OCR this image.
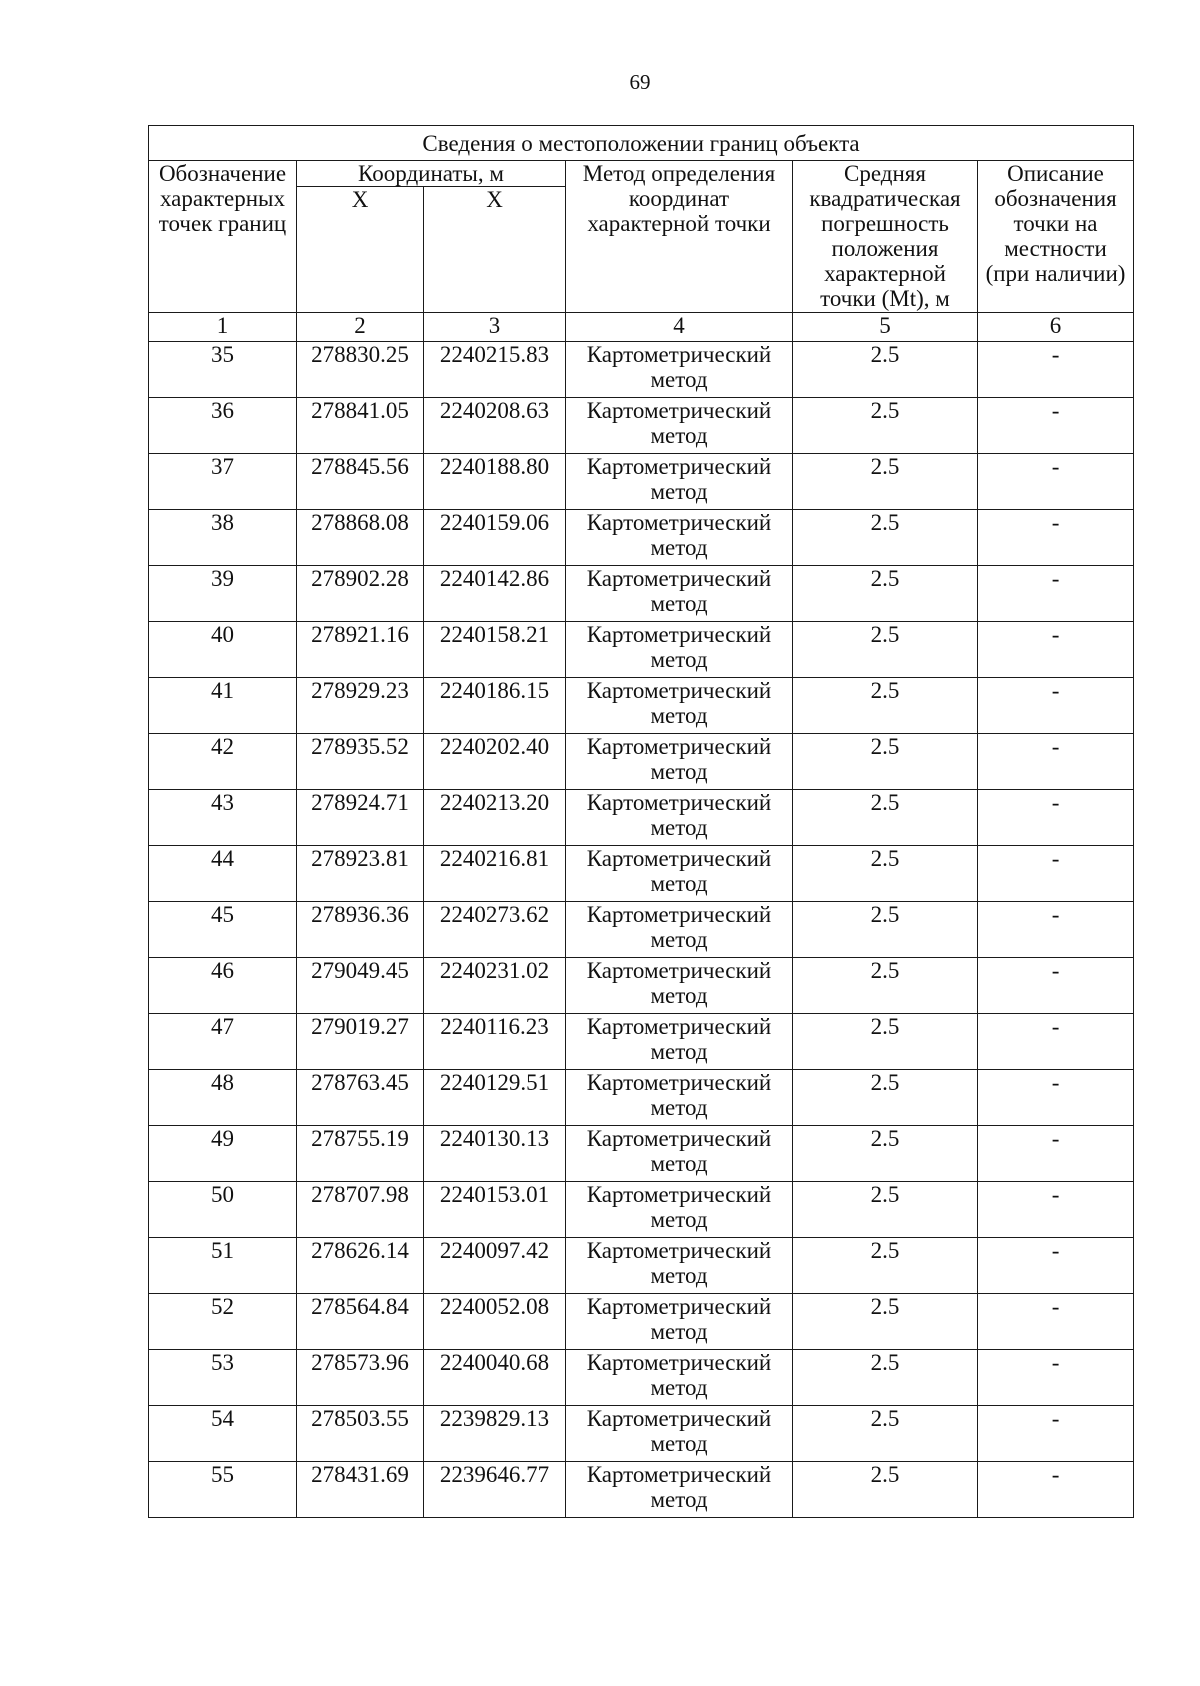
69
Сведения о местоположении границ объекта					
Обозначение характерных точек границ	Координаты, м		Метод определения координат характерной точки	Средняя квадратическая погрешность положения характерной точки (Mt), м	Описание обозначения точки на местности (при наличии)
	X	X			
1	2	3	4	5	6
35	278830.25	2240215.83	Картометрический метод	2.5	-
36	278841.05	2240208.63	Картометрический метод	2.5	-
37	278845.56	2240188.80	Картометрический метод	2.5	-
38	278868.08	2240159.06	Картометрический метод	2.5	-
39	278902.28	2240142.86	Картометрический метод	2.5	-
40	278921.16	2240158.21	Картометрический метод	2.5	-
41	278929.23	2240186.15	Картометрический метод	2.5	-
42	278935.52	2240202.40	Картометрический метод	2.5	-
43	278924.71	2240213.20	Картометрический метод	2.5	-
44	278923.81	2240216.81	Картометрический метод	2.5	-
45	278936.36	2240273.62	Картометрический метод	2.5	-
46	279049.45	2240231.02	Картометрический метод	2.5	-
47	279019.27	2240116.23	Картометрический метод	2.5	-
48	278763.45	2240129.51	Картометрический метод	2.5	-
49	278755.19	2240130.13	Картометрический метод	2.5	-
50	278707.98	2240153.01	Картометрический метод	2.5	-
51	278626.14	2240097.42	Картометрический метод	2.5	-
52	278564.84	2240052.08	Картометрический метод	2.5	-
53	278573.96	2240040.68	Картометрический метод	2.5	-
54	278503.55	2239829.13	Картометрический метод	2.5	-
55	278431.69	2239646.77	Картометрический метод	2.5	-
